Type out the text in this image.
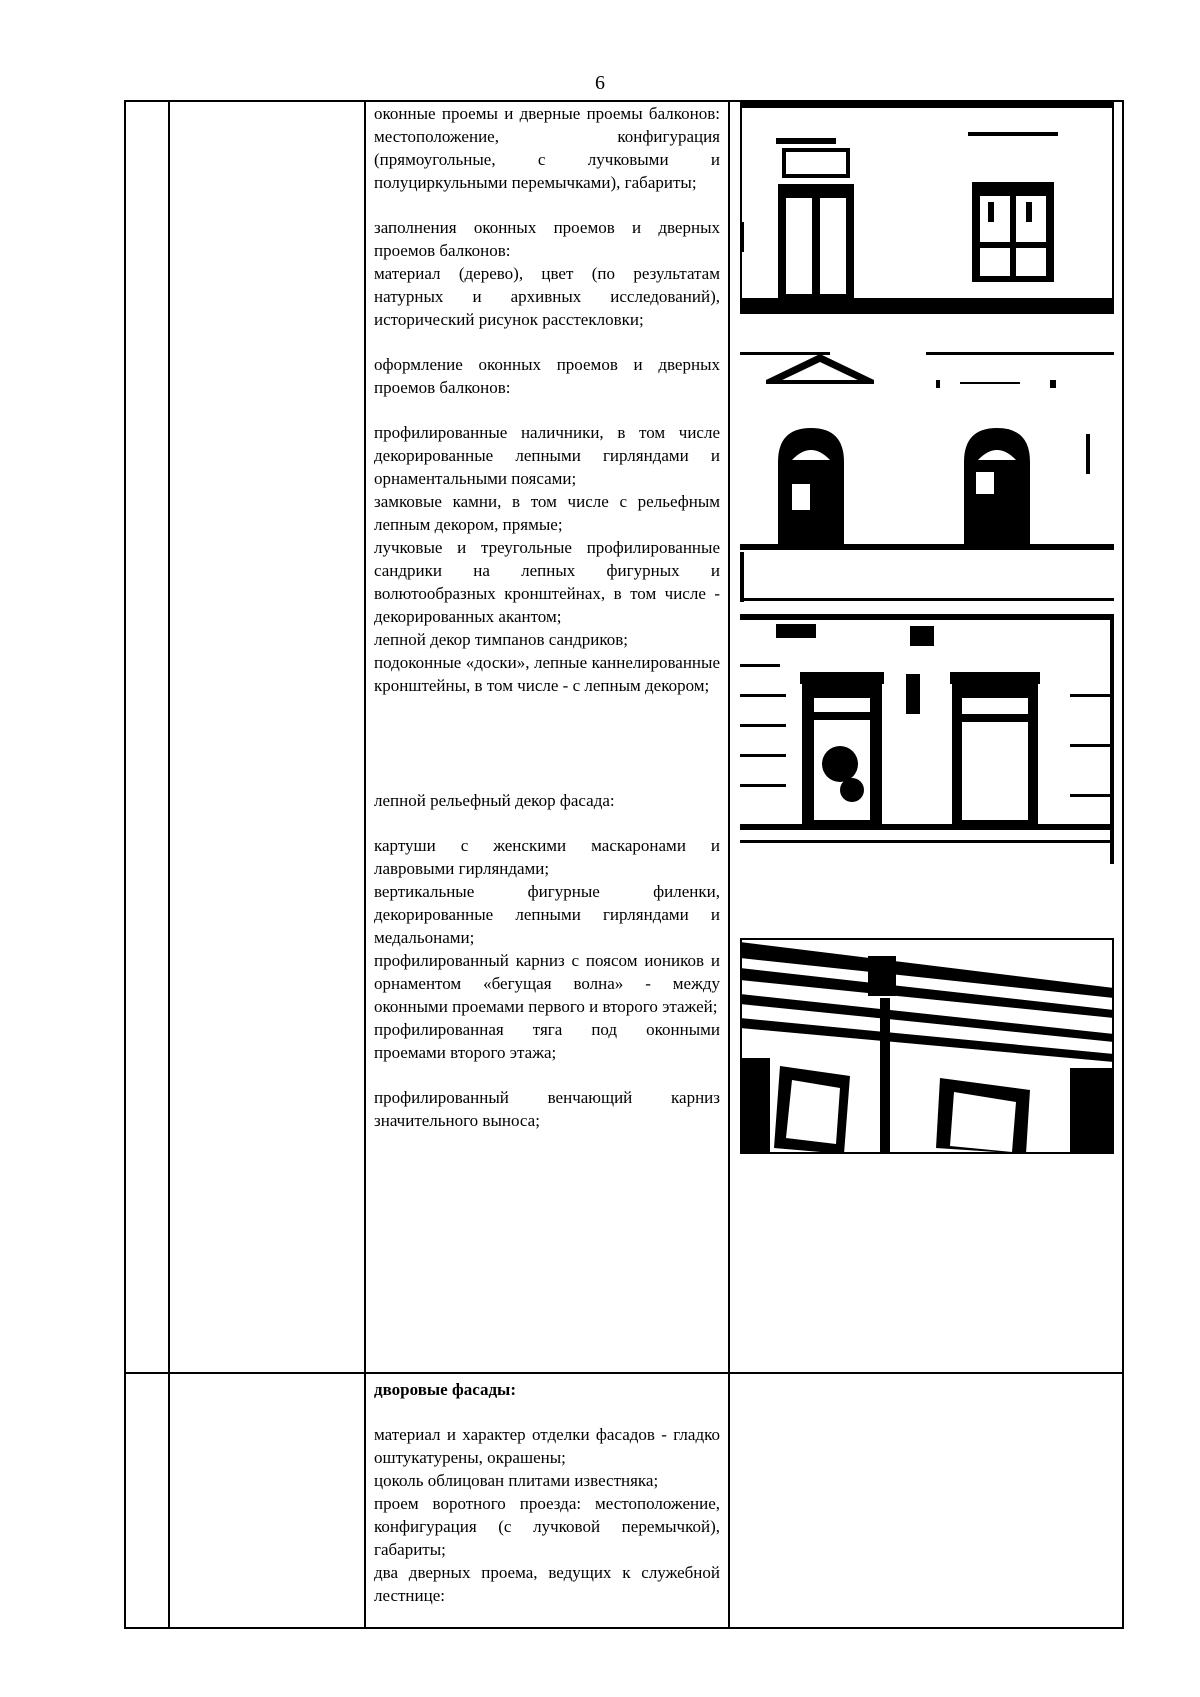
6

оконные проемы и дверные проемы балконов: местоположение, конфигурация (прямоугольные, с лучковыми и полуциркульными перемычками), габариты;

заполнения оконных проемов и дверных проемов балконов:

материал (дерево), цвет (по результатам натурных и архивных исследований), исторический рисунок расстекловки;

оформление оконных проемов и дверных проемов балконов:

профилированные наличники, в том числе декорированные лепными гирляндами и орнаментальными поясами;

замковые камни, в том числе с рельефным лепным декором, прямые;

лучковые и треугольные профилированные сандрики на лепных фигурных и волютообразных кронштейнах, в том числе - декорированных акантом;

лепной декор тимпанов сандриков;

подоконные «доски», лепные каннелированные кронштейны, в том числе - с лепным декором;

лепной рельефный декор фасада:

картуши с женскими маскаронами и лавровыми гирляндами;

вертикальные фигурные филенки, декорированные лепными гирляндами и медальонами;

профилированный карниз с поясом иоников и орнаментом «бегущая волна» - между оконными проемами первого и второго этажей;

профилированная тяга под оконными проемами второго этажа;

профилированный венчающий карниз значительного выноса;

дворовые фасады:

материал и характер отделки фасадов - гладко оштукатурены, окрашены;

цоколь облицован плитами известняка;

проем воротного проезда: местоположение, конфигурация (с лучковой перемычкой), габариты;

два дверных проема, ведущих к служебной лестнице:
